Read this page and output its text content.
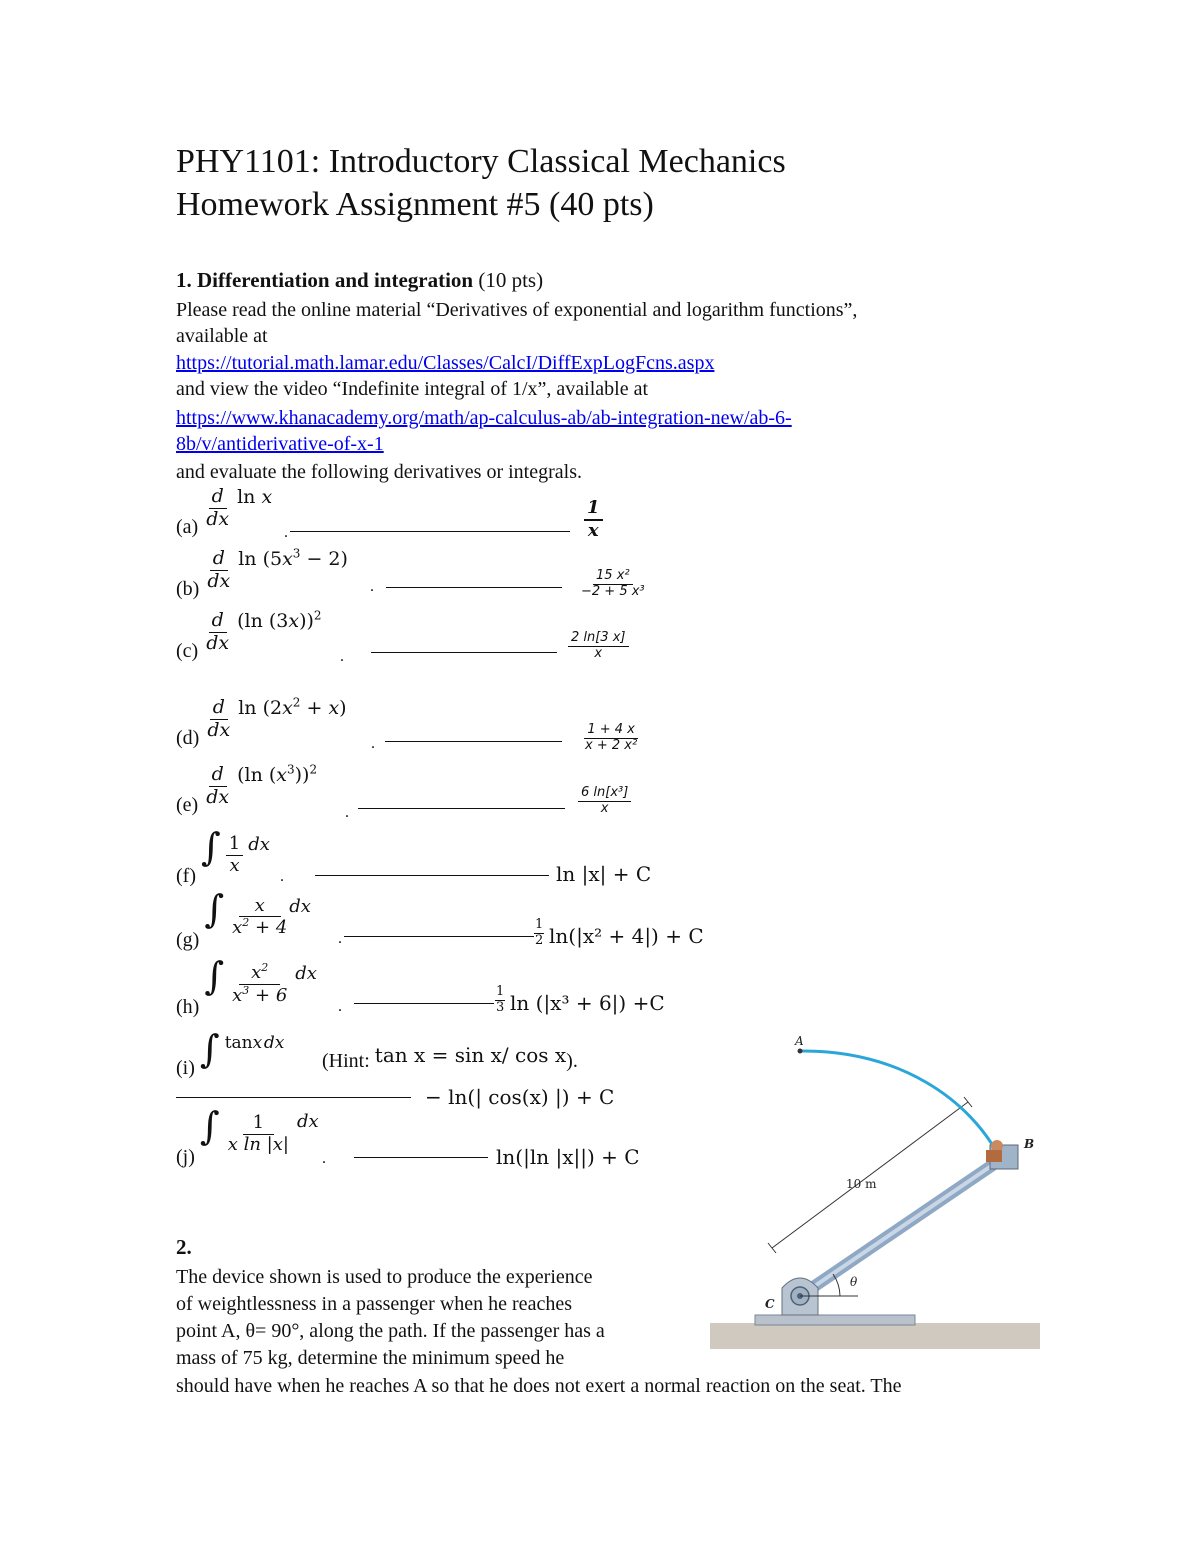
PHY1101: Introductory Classical Mechanics
Homework Assignment #5 (40 pts)
1. Differentiation and integration (10 pts)
Please read the online material “Derivatives of exponential and logarithm functions”,
available at
https://tutorial.math.lamar.edu/Classes/CalcI/DiffExpLogFcns.aspx
and view the video “Indefinite integral of 1/x”, available at
https://www.khanacademy.org/math/ap-calculus-ab/ab-integration-new/ab-6-
8b/v/antiderivative-of-x-1
and evaluate the following derivatives or integrals.
$(a) \frac{d}{dx}$ ln x
.	$\frac{1}{x}$
$(b) \frac{d}{dx}$ $\ln (5x^3 - 2)$
.	$\frac{\text{15 x²}}{\text{−2 + 5 x³}}$
$(c) \frac{d}{dx} (\ln$ (3x))$^2$
.	$\frac{2 \ln[3 x]}{x}$
$(d) \frac{d}{dx}$ $\ln (2x^2 + x)$
.	$\frac{1 + 4 x}{\text{x + 2 x²}}$
$(e) \frac{d}{dx} (\ln$ $(x^3))^2$
.	$\frac{\text{6 ln[x³]}}{x}$
(f) ∫ $\frac{1}{x}$ dx
.	ln |x| + C
(g) ∫ $\frac{x}{x^2 + 4}$ dx
.	$\frac{1}{2} \ln(|x^2 + 4|) + C$
(h) ∫ $\frac{x^2}{x^3 + 6}$ dx
.	$\frac{1}{3}$ ln (|x³ + 6|) +C
(i) ∫ $^{tanx dx}$
(Hint: tan x = sin x/ cos x).
− ln(| cos(x) |) + C
(j) ∫ $\frac{1}{\text{x ln |x|}}$ dx
.	ln(|ln |x||) + C
2.
The device shown is used to produce the experience
of weightlessness in a passenger when he reaches
point A, θ= 90°, along the path. If the passenger has a
mass of 75 kg, determine the minimum speed he
should have when he reaches A so that he does not exert a normal reaction on the seat. The
A
B
C
θ
10 m
